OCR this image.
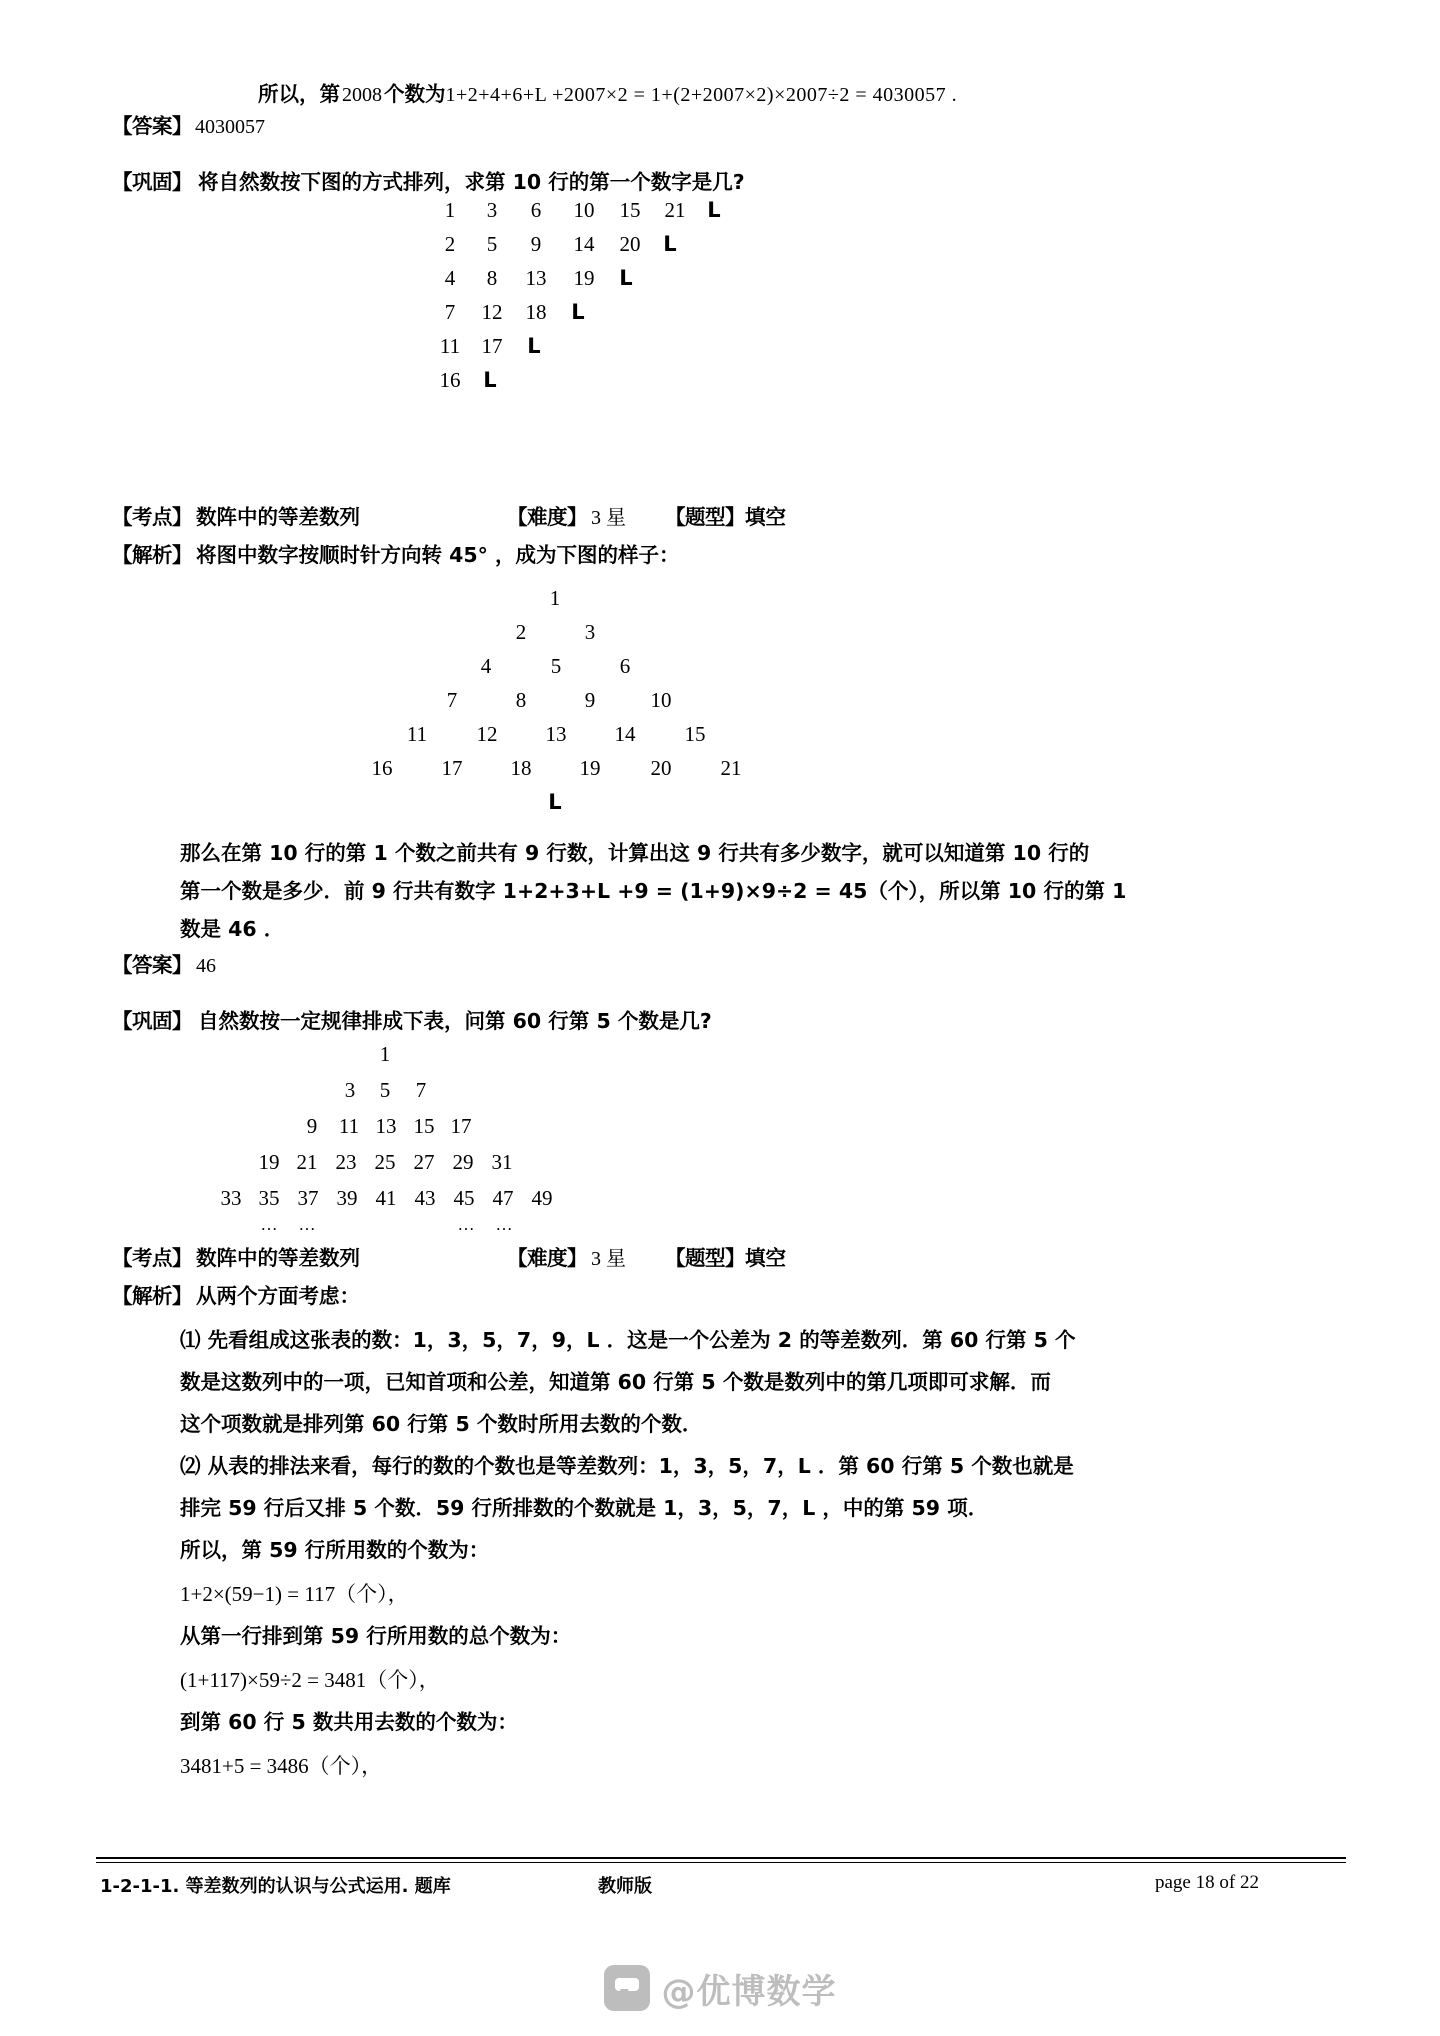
所以，第 2008个数为1+2+4+6+L +2007×2 = 1+(2+2007×2)×2007÷2 = 4030057 .
【答案】 4030057
【巩固】 将自然数按下图的方式排列，求第 10 行的第一个数字是几?
1 3 6 10 15 21 L
2 5 9 14 20 L
4 8 13 19 L
7 12 18 L
11 17 L
16 L
【考点】 数阵中的等差数列	【难度】 3 星 【题型】填空
【解析】 将图中数字按顺时针方向转 45° ，成为下图的样子：
1
2	3
4	5	6
7	8	9	10
11 12 13 14 15
16 17 18 19 20 21
L
那么在第 10 行的第 1 个数之前共有 9 行数，计算出这 9 行共有多少数字，就可以知道第 10 行的
第一个数是多少．前 9 行共有数字 1+2+3+L +9 = (1+9)×9÷2 = 45（个），所以第 10 行的第 1
数是 46 ．
【答案】 46
【巩固】 自然数按一定规律排成下表，问第 60 行第 5 个数是几?
1
3 5 7
9 11 13 15 17
19 21 23 25 27 29 31
33 35 37 39 41 43 45 47 49
… …	… …
【考点】 数阵中的等差数列	【难度】 3 星 【题型】填空
【解析】 从两个方面考虑：
⑴ 先看组成这张表的数：1，3，5，7，9，L ．这是一个公差为 2 的等差数列．第 60 行第 5 个
数是这数列中的一项，已知首项和公差，知道第 60 行第 5 个数是数列中的第几项即可求解．而
这个项数就是排列第 60 行第 5 个数时所用去数的个数．
⑵ 从表的排法来看，每行的数的个数也是等差数列：1，3，5，7，L ．第 60 行第 5 个数也就是
排完 59 行后又排 5 个数．59 行所排数的个数就是 1，3，5，7，L ，中的第 59 项．
所以，第 59 行所用数的个数为：
1+2×(59−1) = 117（个），
从第一行排到第 59 行所用数的总个数为：
(1+117)×59÷2 = 3481（个），
到第 60 行 5 数共用去数的个数为：
3481+5 = 3486（个），
1-2-1-1. 等差数列的认识与公式运用. 题库	教师版	page 18 of 22
@优博数学
